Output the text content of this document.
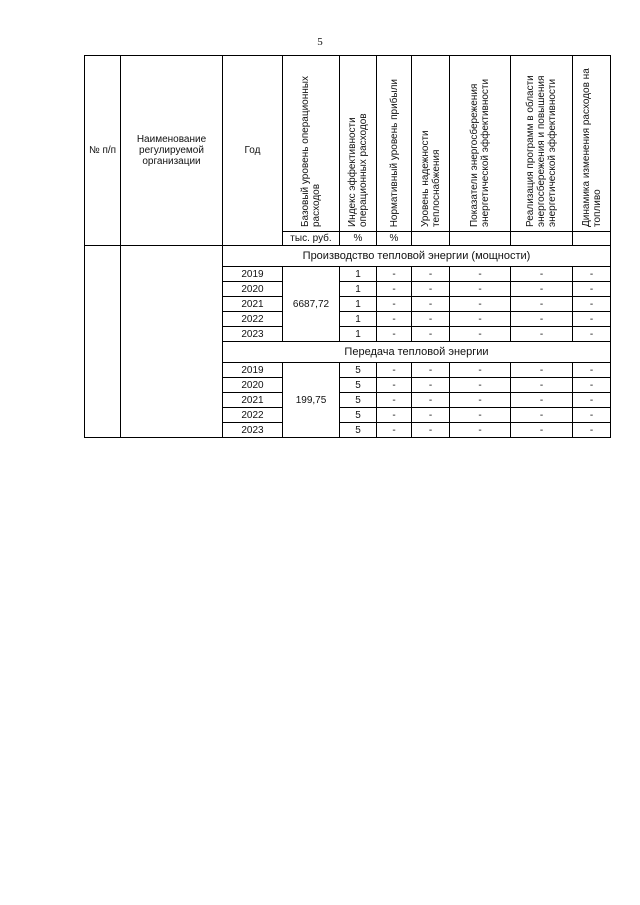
5
№ п/п	Наименование регулируемой организации	Год	Базовый уровень операционных расходов	Индекс эффективности операционных расходов	Нормативный уровень прибыли	Уровень надежности теплоснабжения	Показатели энергосбережения энергетической эффективности	Реализация программ в области энергосбережения и повышения энергетической эффективности	Динамика изменения расходов на топливо

			тыс. руб.	%	%				
		Производство тепловой энергии (мощности)							
		2019	6687,72	1	-	-	-	-	-
		2020		1	-	-	-	-	-
		2021		1	-	-	-	-	-
		2022		1	-	-	-	-	-
		2023		1	-	-	-	-	-
		Передача тепловой энергии							
		2019	199,75	5	-	-	-	-	-
		2020		5	-	-	-	-	-
		2021		5	-	-	-	-	-
		2022		5	-	-	-	-	-
		2023		5	-	-	-	-	-
